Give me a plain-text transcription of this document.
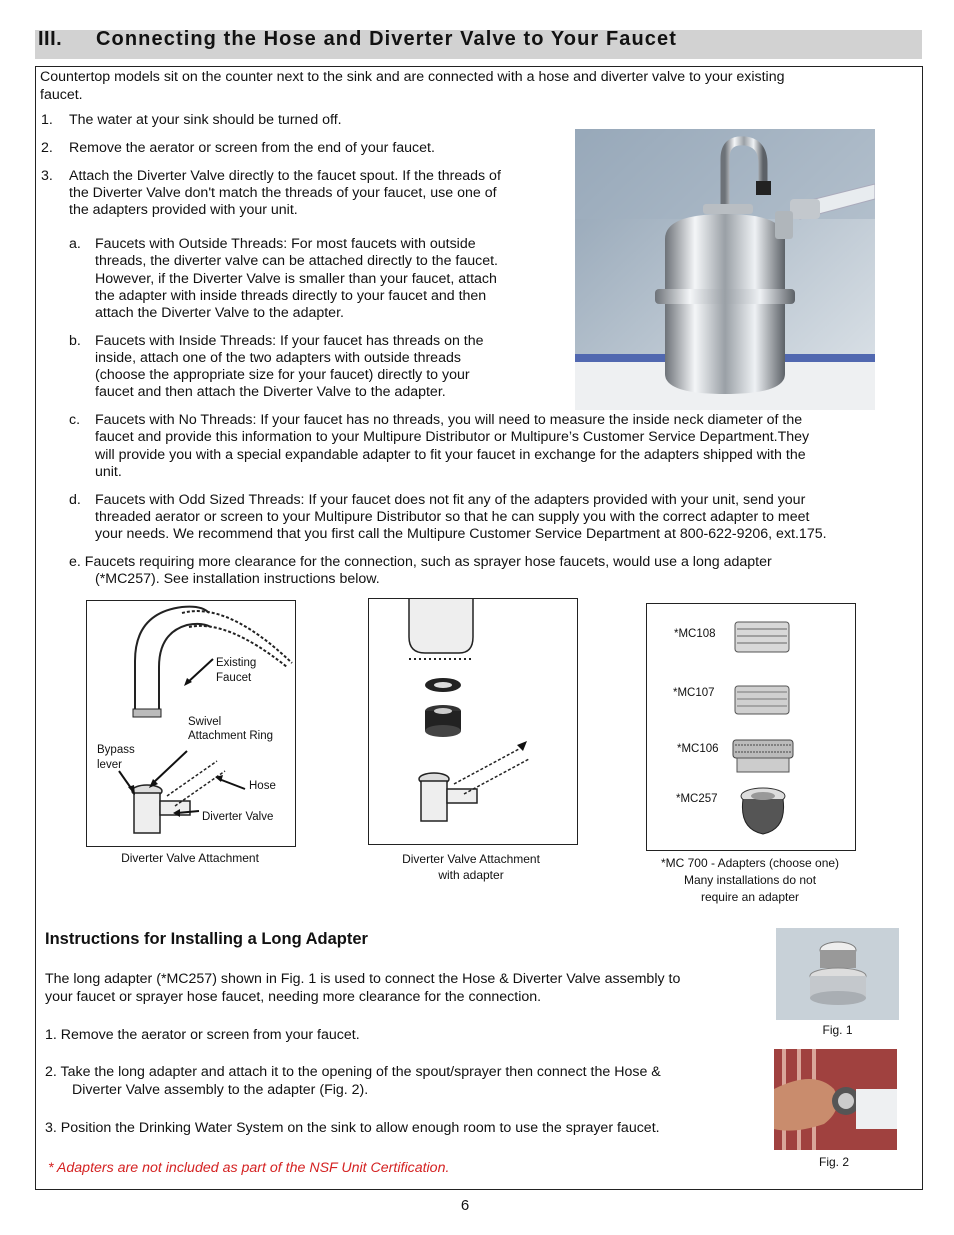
III. Connecting the Hose and Diverter Valve to Your Faucet
Countertop models sit on the counter next to the sink and are connected with a hose and diverter valve to your existing
faucet.
1. The water at your sink should be turned off.
2. Remove the aerator or screen from the end of your faucet.
3. Attach the Diverter Valve directly to the faucet spout. If the threads of
the Diverter Valve don't match the threads of your faucet, use one of
the adapters provided with your unit.
a. Faucets with Outside Threads: For most faucets with outside
threads, the diverter valve can be attached directly to the faucet.
However, if the Diverter Valve is smaller than your faucet, attach
the adapter with inside threads directly to your faucet and then
attach the Diverter Valve to the adapter.
b. Faucets with Inside Threads: If your faucet has threads on the
inside, attach one of the two adapters with outside threads
(choose the appropriate size for your faucet) directly to your
faucet and then attach the Diverter Valve to the adapter.
c. Faucets with No Threads: If your faucet has no threads, you will need to measure the inside neck diameter of the
faucet and provide this information to your Multipure Distributor or Multipure’s Customer Service Department.They
will provide you with a special expandable adapter to fit your faucet in exchange for the adapters shipped with the
unit.
d. Faucets with Odd Sized Threads: If your faucet does not fit any of the adapters provided with your unit, send your
threaded aerator or screen to your Multipure Distributor so that he can supply you with the correct adapter to meet
your needs. We recommend that you first call the Multipure Customer Service Department at 800-622-9206, ext.175.
e. Faucets requiring more clearance for the connection, such as sprayer hose faucets, would use a long adapter
(*MC257). See installation instructions below.
Existing
Faucet
Swivel
Attachment Ring
Bypass
lever
Hose
Diverter Valve
Diverter Valve Attachment	Diverter Valve Attachment
with adapter
*MC108
*MC107
*MC106
*MC257
*MC 700 - Adapters (choose one)
Many installations do not
require an adapter
Instructions for Installing a Long Adapter
The long adapter (*MC257) shown in Fig. 1 is used to connect the Hose & Diverter Valve assembly to
your faucet or sprayer hose faucet, needing more clearance for the connection.
1. Remove the aerator or screen from your faucet.
2. Take the long adapter and attach it to the opening of the spout/sprayer then connect the Hose &
Diverter Valve assembly to the adapter (Fig. 2).
3. Position the Drinking Water System on the sink to allow enough room to use the sprayer faucet.
* Adapters are not included as part of the NSF Unit Certification.
Fig. 1
Fig. 2
6
